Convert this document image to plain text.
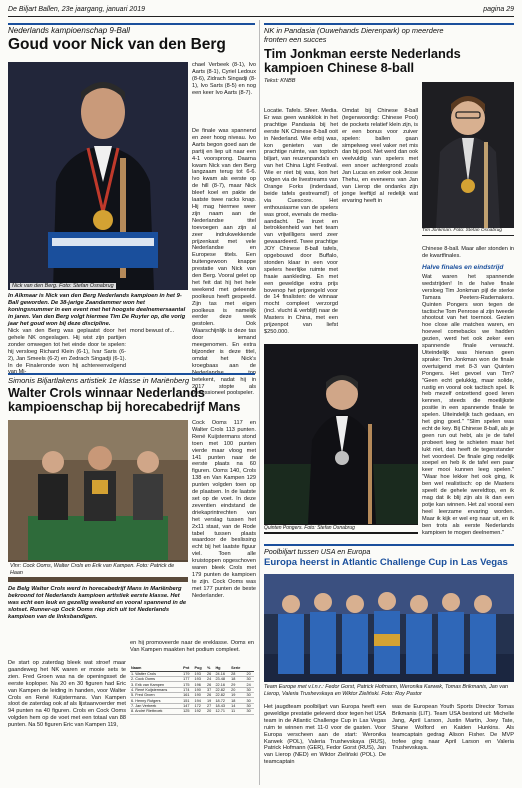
De Biljart Ballen, 23e jaargang, januari 2019	pagina 29
Nederlands kampioenschap 9-Ball
Goud voor Nick van den Berg
Nick van den Berg. Foto: Stefan Osnabrug
chael Verbeek (8-1), Ivo Aarts (8-1), Cyriel Ledoux (8-6), Zidrach Singadji (8-1), Ivo Sarts (8-5) en nog een keer Ivo Aarts (8-7).
De finale was spannend en zeer hoog niveau. Ivo Aarts begon goed aan de partij en liep uit naar een 4-1 voorsprong. Daarna kwam Nick van den Berg langzaam terug tot 6-6. Ivo kwam als eerste op de hill (8-7), maar Nick bleef koel en pakte de laatste twee racks knap. Hij mag hiermee weer zijn naam aan de Nederlandse titel toevoegen aan zijn al zeer indrukwekkende prijzenkast met vele Nederlandse en Europese titels. Een buitengewoon knappe prestatie van Nick van den Berg. Vooral gelet op het feit dat hij het hele weekend met geleende poolkeus heeft gespeeld. Zijn tas met eigen poolkeus is namelijk eerder deze week gestolen. Ook Waarschijnlijk is deze tas door iemand meegenomen. En extra bijzonder is deze titel, omdat het Nick's kroegbaas aan de Nederlandse top betekent, nadat hij in 2017 stopte als professioneel poolspeler.
In Alkmaar is Nick van den Berg Nederlands kampioen in het 9-Ball geworden. De 38-jarige Zaandammer won het koningsnummer in een event met het hoogste deelnemersaantal in jaren. Van den Berg volgt hiermee Tim De Ruyter op, die vorig jaar het goud won bij deze discipline.
Nick van den Berg was geplaatst door het gehele NK ongeslagen. Hij wist zijn partijen zonder omwegen tot het einde door te spelen: hij versloeg Richard Klein (6-1), Ivar Saris (6-2), Jan Smeels (6-2) en Zedrach Singadji (6-1). In de Finaleronde won hij achtereenvolgend van Mi-
mond bewust of...
Simonis Biljartlakens artistiek 1e klasse in Mariënberg
Walter Crols winnaar Nederlands
kampioenschap bij horecabedrijf Mans
Vlnr: Cock Ooms, Walter Crols en Erik van Kampen. Foto: Patrick de Haan
Cock Ooms 117 en Walter Crols 113 punten. René Kuijstermans stond toen met 100 punten vierde maar vloog met 141 punten naar de eerste plaats na 60 figuren. Ooms 140, Crols 138 en Van Kampen 129 punten volgden toen op de plaatsen. In de laatste set op de voet. In deze zeventien eindstand de driekaprintrechten van het verslag tussen het 2x11 staat, van de Rode tabel tussen plaats waardoor de beslissing echt bij het laatste figuur viel. Toen alle kruistoppen opgeschoven waren bleek Crols met 179 punten de kampioen te zijn. Cock Ooms was met 177 punten de beste Nederlander.
De Belg Walter Crols werd in horecabedrijf Mans in Mariënberg bekroond tot Nederlands kampioen artistiek eerste klasse. Het was echt een leuk en gezellig weekend en vooral spannend in de slotset. Runner-up Cock Ooms riep zich uit tot Nederlands kampioen van de linksbandigen.
De start op zaterdag bleek wat stroef maar gaandeweg het NK waren er mooie sets te zien. Fred Groen was na de openingsset de eerste koploper. Na 20 en 30 figuren had Eric van Kampen de leiding in handen, voor Walter Crols en René Kuijstermans. Van Kampen sloot de zaterdag ook af als lijstaanvoerder met 94 punten na 40 figuren. Crols en Cock Ooms volgden hem op de voet met een totaal van 88 punten. Na 50 figuren Eric van Kampen 119,
en hij promoveerde naar de ereklasse. Ooms en Van Kampen maakten het podium compleet.
Naam	Pnt	Pog	%	Hg	Serie	
1. Walter Crols	179	193	26	24.16	28	20
2. Cock Ooms	177	193	24	23.48	18	30
3. Erik van Kampen	175	196	26	22.16	29	24
4. René Kuijstermans	174	190	37	22.82	20	30
5. Fred Groen	161	190	26	22.82	19	30
6. Henny Rutgers	151	194	19	18.72	18	30
7. Jan Verbeek	147	172	27	18.43	14	30
8. André Rietbroek	125	192	20	12.71	11	30
NK in Pandasia (Ouwehands Dierenpark) op meerdere
fronten een succes
Tim Jonkman eerste Nederlands
kampioen Chinese 8-ball
Tekst: KNBB
Locatie. Tafels. Sfeer. Media. Er was geen wankklok in het prachtige Pandasia bij het eerste NK Chinese 8-ball ooit in Nederland. Wie erbij was, kon genieten van de prachtige ruimte, van toptoch biljart, van reuzenpanda's en van het China Light Festival. Wie er niet bij was, kon het volgen via de livestreams van Orange Forks (inderdaad, beide tafels gestreamd!) of via Cuescore. Het enthousiasme van de spelers was groot, evenals de media-aandacht. De inzet en betrokkenheid van het team van vrijwilligers werd zeer gewaardeerd. Twee prachtige JOY Chinese 8-ball tafels, opgebouwd door Buffalo, stonden klaar in een voor spelers heerlijke ruimte met fraaie aankleding. En met een geweldige extra prijs bovenop het prijzengeld voor de 14 finalisten: de winnaar mocht compleet verzorgd (incl. vlucht & verblijf) naar de Masters in China, met een prijzenpot van liefst $250.000.
Omdat bij Chinese 8-ball (tegenwoordig: Chinese Pool) de pockets relatief klein zijn, is er een bonus voor zuiver spelen: ballen gaan simpelweg veel vaker net mis dan bij pool. Net werd dan ook veelvuldig van spelers met een snoer achtergrond zoals Jan Lucas en zeker ook Jesse Thehu, en eveneens van Jan van Lierop die ondanks zijn jonge leeftijd al redelijk wat ervaring heeft in
Tim Jonkman. Foto: Stefan Osnabrug
Quinten Pongers. Foto: Stefan Osnabrug
Chinese 8-ball. Maar aller stonden in de kwartfinales.
Halve finales en eindstrijd
Wat waren het spannende wedstrijden! In de halve finale versloeg Tim Jonkman pijl de sterke Tamara Peeters-Rademakers. Quinten Pongers won tegen de tactische Tom Penrose al zijn tweede shootout van het toernooi. Gezien hoe close alle matches waren, en hoeveel comebacks we hadden gezien, werd het ook zeker een spannende finale verwacht. Uiteindelijk was hiervan geen sprake: Tim Jonkman won de finale overtuigend met 8-3 van Quinten Pongers. Het gevoel van Tim? "Geen echt gelukkig, maar solide, rustig en vooral ook tactisch spel. Ik heb mezelf ontzettend goed leren kennen, steeds die moeilijkste positie in een spannende finale te spelen. Uiteindelijk tach gedaan, en het ging goed." "Slim spelen was echt de key. Bij Chinese 8-ball, als je geen run out hebt, als je de tafel probeert leeg te schieten maar het lukt niet, dan heeft de tegenstander het voordeel. De finale ging redelijk soepel en heb ik de tafel een paar keer mooi kunnen leeg spelen." "Waar hoe lekker het ook ging, ik ben wel realistisch: op de Masters speelt de gehele wereldtop, en ik mag dat ik blij zijn als ik dan een potje kan winnen. Het zal vooral een heel leerzame ervaring worden. Maar ik kijk er wel erg naar uit, en ik ben trots als eerste Nederlands kampioen te mogen deelnemen."
Poolbiljart tussen USA en Europa
Europa heerst in Atlantic Challenge Cup in Las Vegas
Team Europe met v.l.n.r.: Fedor Gorst, Patrick Hofmann, Weronika Karwek, Tomas Brikmanis, Jan van Lierop, Valeria Trushevskaya en Wiktor Zieliński. Foto: Roy Pastor
Het jaugdteam poolbiljart van Europa heeft een geweldige prestatie geleverd door tegen het USA team in de Atlantic Challenge Cup in Las Vegas ruim te winnen met 11-0 voor de gasten. Voor Europa verscheen aan de start: Weronika Karwek (POL), Valeria Trushevskaya (RUS), Patrick Hofmann (GER), Fedor Gorst (RUS), Jan van Lierop (NED) en Wiktor Zieliński (POL). De teamcaptain
was de European Youth Sports Director Tomas Brikmanis (LIT). Team USA bestond uit: Michelle Jang, April Larson, Justin Martin, Joey Tate, Shane Wolford en Kaiden Hunkins. Als teamcaptain gedrag Alison Fisher. De MVP trofee ging naar April Larson en Valeria Trushevskaya.
